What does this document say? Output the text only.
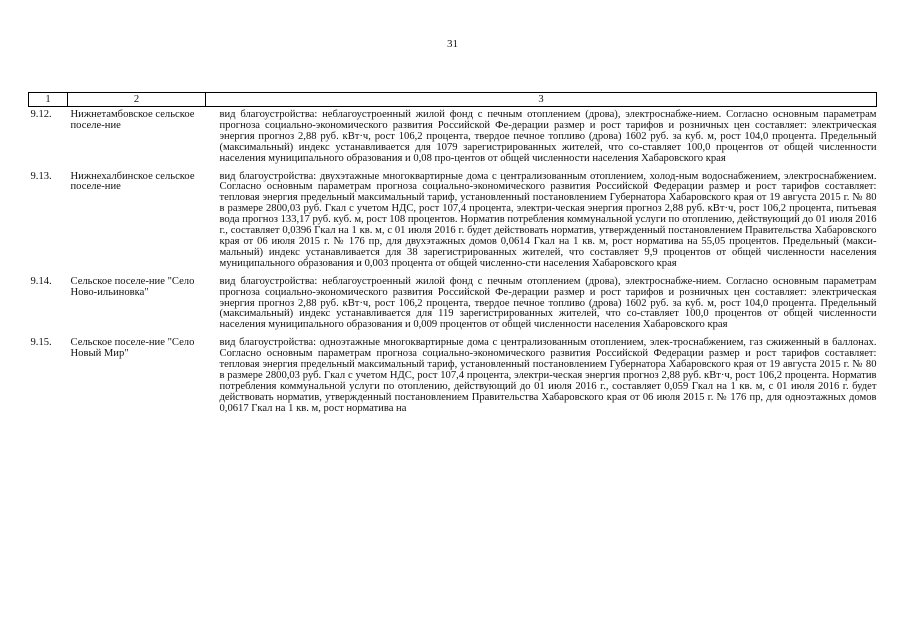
31
1	2	3
9.12.	Нижнетамбовское сельское поселе-ние	вид благоустройства: неблагоустроенный жилой фонд с печным отоплением (дрова), электроснабже-нием. Согласно основным параметрам прогноза социально-экономического развития Российской Фе-дерации размер и рост тарифов и розничных цен составляет: электрическая энергия прогноз 2,88 руб. кВт·ч, рост 106,2 процента, твердое печное топливо (дрова) 1602 руб. за куб. м, рост 104,0 процента. Предельный (максимальный) индекс устанавливается для 1079 зарегистрированных жителей, что со-ставляет 100,0 процентов от общей численности населения муниципального образования и 0,08 про-центов от общей численности населения Хабаровского края
9.13.	Нижнехалбинское сельское поселе-ние	вид благоустройства: двухэтажные многоквартирные дома с централизованным отоплением, холод-ным водоснабжением, электроснабжением. Согласно основным параметрам прогноза социально-экономического развития Российской Федерации размер и рост тарифов составляет: тепловая энергия предельный максимальный тариф, установленный постановлением Губернатора Хабаровского края от 19 августа 2015 г. № 80 в размере 2800,03 руб. Гкал с учетом НДС, рост 107,4 процента, электри-ческая энергия прогноз 2,88 руб. кВт·ч, рост 106,2 процента, питьевая вода прогноз 133,17 руб. куб. м, рост 108 процентов. Норматив потребления коммунальной услуги по отоплению, действующий до 01 июля 2016 г., составляет 0,0396 Гкал на 1 кв. м, с 01 июля 2016 г. будет действовать норматив, утвержденный постановлением Правительства Хабаровского края от 06 июля 2015 г. № 176 пр, для двухэтажных домов 0,0614 Гкал на 1 кв. м, рост норматива на 55,05 процентов. Предельный (макси-мальный) индекс устанавливается для 38 зарегистрированных жителей, что составляет 9,9 процентов от общей численности населения муниципального образования и 0,003 процента от общей численно-сти населения Хабаровского края
9.14.	Сельское поселе-ние "Село Ново-ильиновка"	вид благоустройства: неблагоустроенный жилой фонд с печным отоплением (дрова), электроснабже-нием. Согласно основным параметрам прогноза социально-экономического развития Российской Фе-дерации размер и рост тарифов и розничных цен составляет: электрическая энергия прогноз 2,88 руб. кВт·ч, рост 106,2 процента, твердое печное топливо (дрова) 1602 руб. за куб. м, рост 104,0 процента. Предельный (максимальный) индекс устанавливается для 119 зарегистрированных жителей, что со-ставляет 100,0 процентов от общей численности населения муниципального образования и 0,009 процентов от общей численности населения Хабаровского края
9.15.	Сельское поселе-ние "Село Новый Мир"	вид благоустройства: одноэтажные многоквартирные дома с централизованным отоплением, элек-троснабжением, газ сжиженный в баллонах. Согласно основным параметрам прогноза социально-экономического развития Российской Федерации размер и рост тарифов составляет: тепловая энергия предельный максимальный тариф, установленный постановлением Губернатора Хабаровского края от 19 августа 2015 г. № 80 в размере 2800,03 руб. Гкал с учетом НДС, рост 107,4 процента, электри-ческая энергия прогноз 2,88 руб. кВт·ч, рост 106,2 процента. Норматив потребления коммунальной услуги по отоплению, действующий до 01 июля 2016 г., составляет 0,059 Гкал на 1 кв. м, с 01 июля 2016 г. будет действовать норматив, утвержденный постановлением Правительства Хабаровского края от 06 июля 2015 г. № 176 пр, для одноэтажных домов 0,0617 Гкал на 1 кв. м, рост норматива на
